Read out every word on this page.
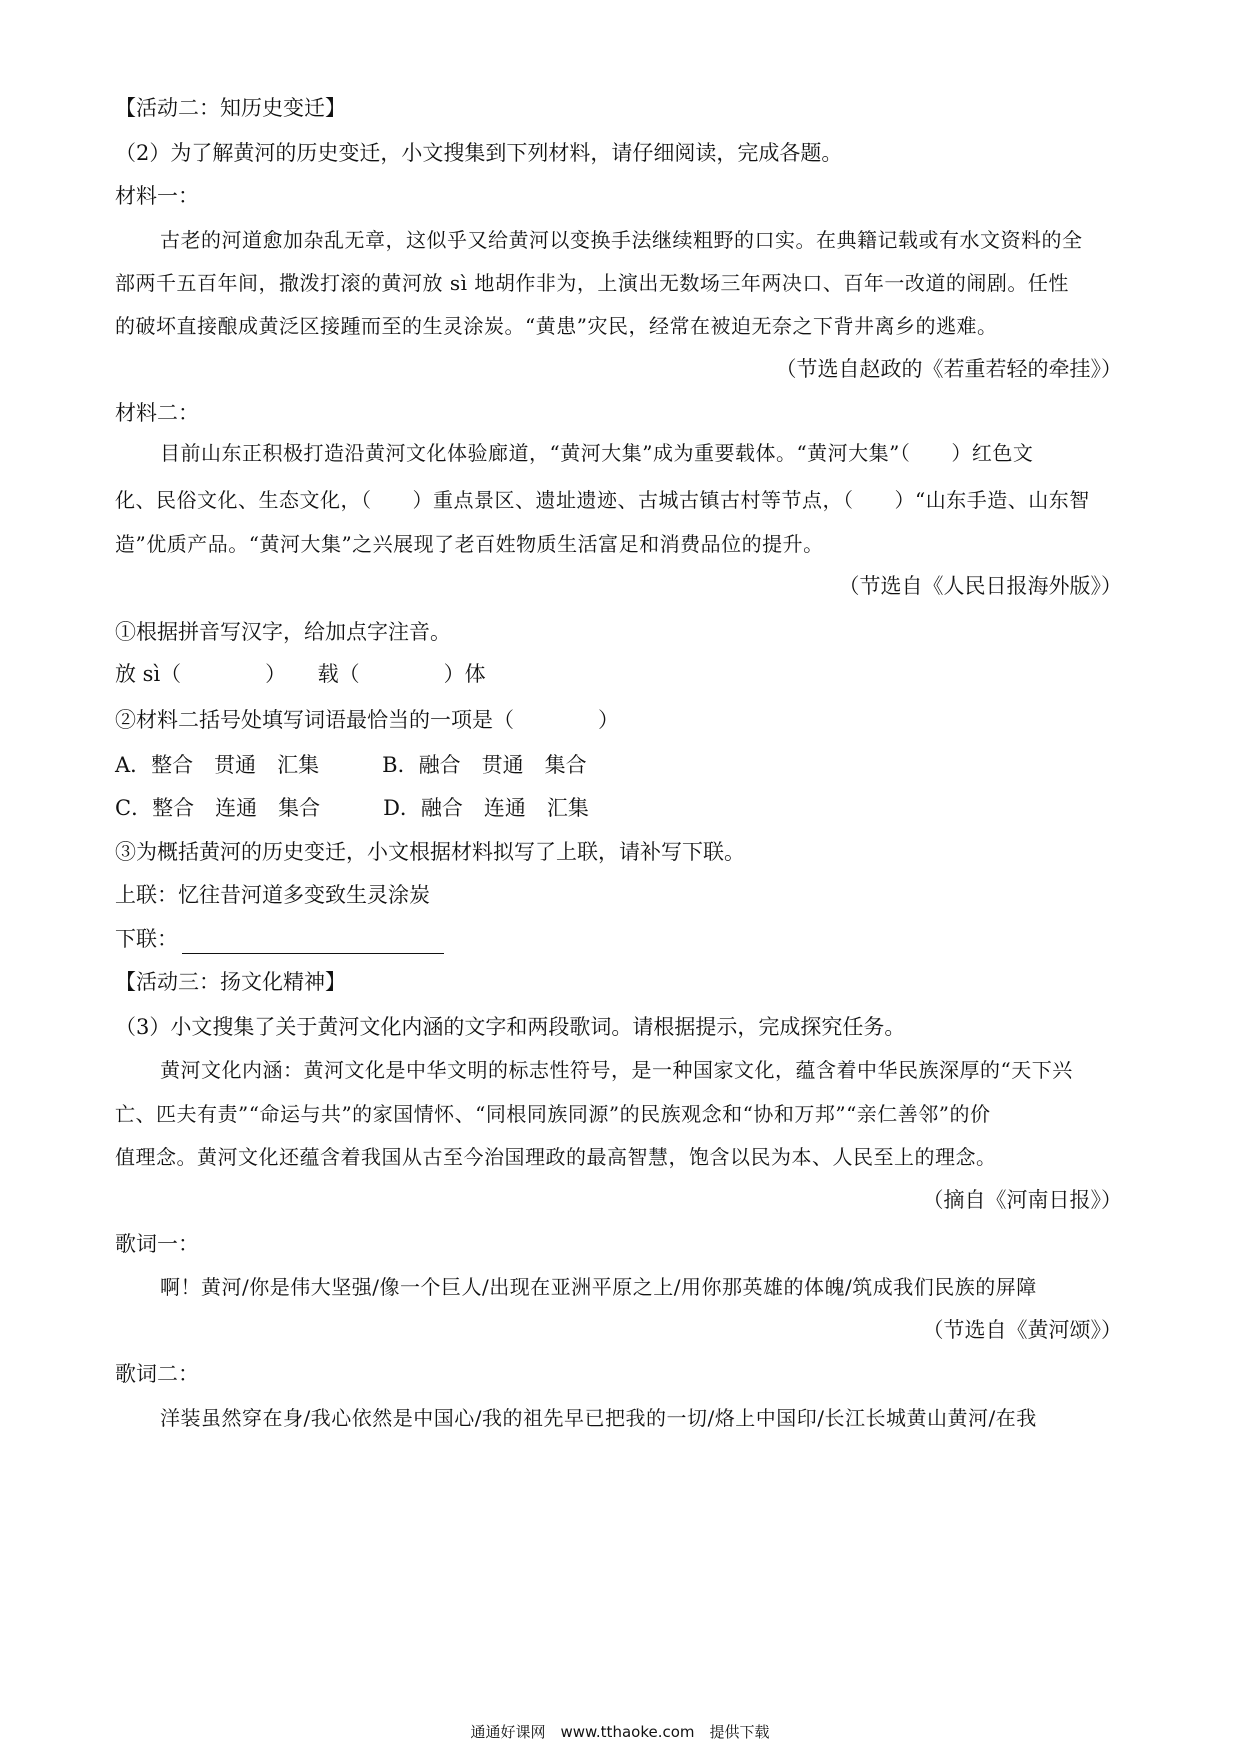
【活动二：知历史变迁】
（2）为了解黄河的历史变迁，小文搜集到下列材料，请仔细阅读，完成各题。
材料一：
古老的河道愈加杂乱无章，这似乎又给黄河以变换手法继续粗野的口实。在典籍记载或有水文资料的全
部两千五百年间，撒泼打滚的黄河放 sì 地胡作非为，上演出无数场三年两决口、百年一改道的闹剧。任性
的破坏直接酿成黄泛区接踵而至的生灵涂炭。“黄患”灾民，经常在被迫无奈之下背井离乡的逃难。
（节选自赵政的《若重若轻的牵挂》）
材料二：
目前山东正积极打造沿黄河文化体验廊道，“黄河大集”成为重要载体。“黄河大集”（　　）红色文
化、民俗文化、生态文化，（　　）重点景区、遗址遗迹、古城古镇古村等节点，（　　）“山东手造、山东智
造”优质产品。“黄河大集”之兴展现了老百姓物质生活富足和消费品位的提升。
（节选自《人民日报海外版》）
①根据拼音写汉字，给加点字注音。
放 sì（　　　　）　　载（　　　　）体
②材料二括号处填写词语最恰当的一项是（　　　　）
A．整合　贯通　汇集　　　B．融合　贯通　集合
C．整合　连通　集合　　　D．融合　连通　汇集
③为概括黄河的历史变迁，小文根据材料拟写了上联，请补写下联。
上联：忆往昔河道多变致生灵涂炭
下联：
【活动三：扬文化精神】
（3）小文搜集了关于黄河文化内涵的文字和两段歌词。请根据提示，完成探究任务。
黄河文化内涵：黄河文化是中华文明的标志性符号，是一种国家文化，蕴含着中华民族深厚的“天下兴
亡、匹夫有责”“命运与共”的家国情怀、“同根同族同源”的民族观念和“协和万邦”“亲仁善邻”的价
值理念。黄河文化还蕴含着我国从古至今治国理政的最高智慧，饱含以民为本、人民至上的理念。
（摘自《河南日报》）
歌词一：
啊！黄河/你是伟大坚强/像一个巨人/出现在亚洲平原之上/用你那英雄的体魄/筑成我们民族的屏障
（节选自《黄河颂》）
歌词二：
洋装虽然穿在身/我心依然是中国心/我的祖先早已把我的一切/烙上中国印/长江长城黄山黄河/在我
通通好课网　www.tthaoke.com　提供下载
